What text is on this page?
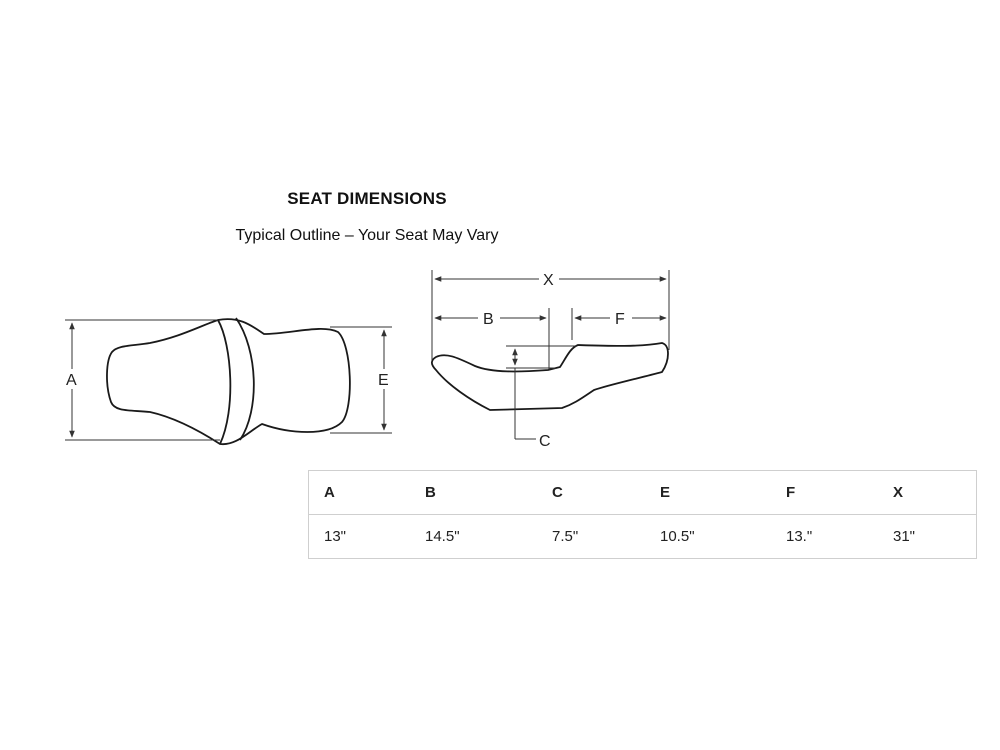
SEAT DIMENSIONS
Typical Outline – Your Seat May Vary
A	E
X
B	F
C
A	B	C	E	F	X
13"	14.5"	7.5"	10.5"	13."	31"
